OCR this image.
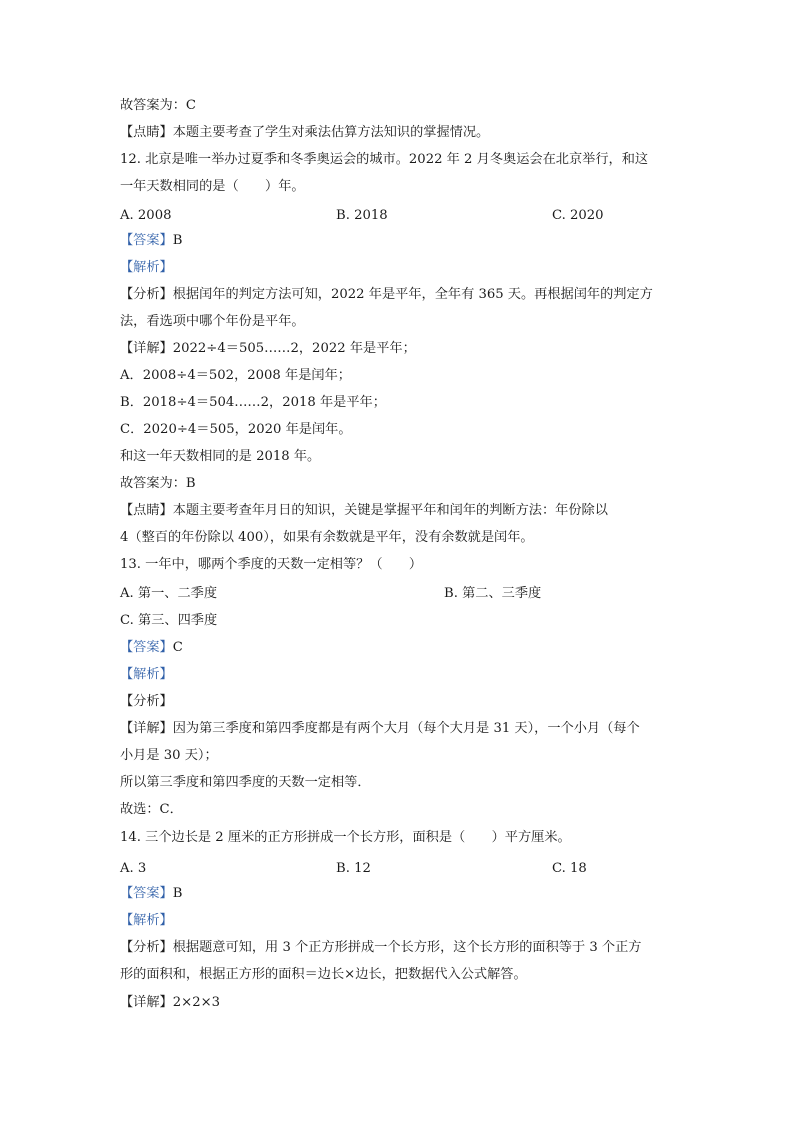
故答案为：C
【点睛】本题主要考查了学生对乘法估算方法知识的掌握情况。
12. 北京是唯一举办过夏季和冬季奥运会的城市。2022 年 2 月冬奥运会在北京举行，和这
一年天数相同的是（　　）年。
A. 2008	B. 2018	C. 2020
【答案】B
【解析】
【分析】根据闰年的判定方法可知，2022 年是平年，全年有 365 天。再根据闰年的判定方
法，看选项中哪个年份是平年。
【详解】2022÷4＝505……2，2022 年是平年；
A．2008÷4＝502，2008 年是闰年；
B．2018÷4＝504……2，2018 年是平年；
C．2020÷4＝505，2020 年是闰年。
和这一年天数相同的是 2018 年。
故答案为：B
【点睛】本题主要考查年月日的知识，关键是掌握平年和闰年的判断方法：年份除以
4（整百的年份除以 400），如果有余数就是平年，没有余数就是闰年。
13. 一年中，哪两个季度的天数一定相等？（　　）
A. 第一、二季度	B. 第二、三季度
C. 第三、四季度
【答案】C
【解析】
【分析】
【详解】因为第三季度和第四季度都是有两个大月（每个大月是 31 天），一个小月（每个
小月是 30 天）；
所以第三季度和第四季度的天数一定相等．
故选：C．
14. 三个边长是 2 厘米的正方形拼成一个长方形，面积是（　　）平方厘米。
A. 3	B. 12	C. 18
【答案】B
【解析】
【分析】根据题意可知，用 3 个正方形拼成一个长方形，这个长方形的面积等于 3 个正方
形的面积和，根据正方形的面积＝边长×边长，把数据代入公式解答。
【详解】2×2×3
